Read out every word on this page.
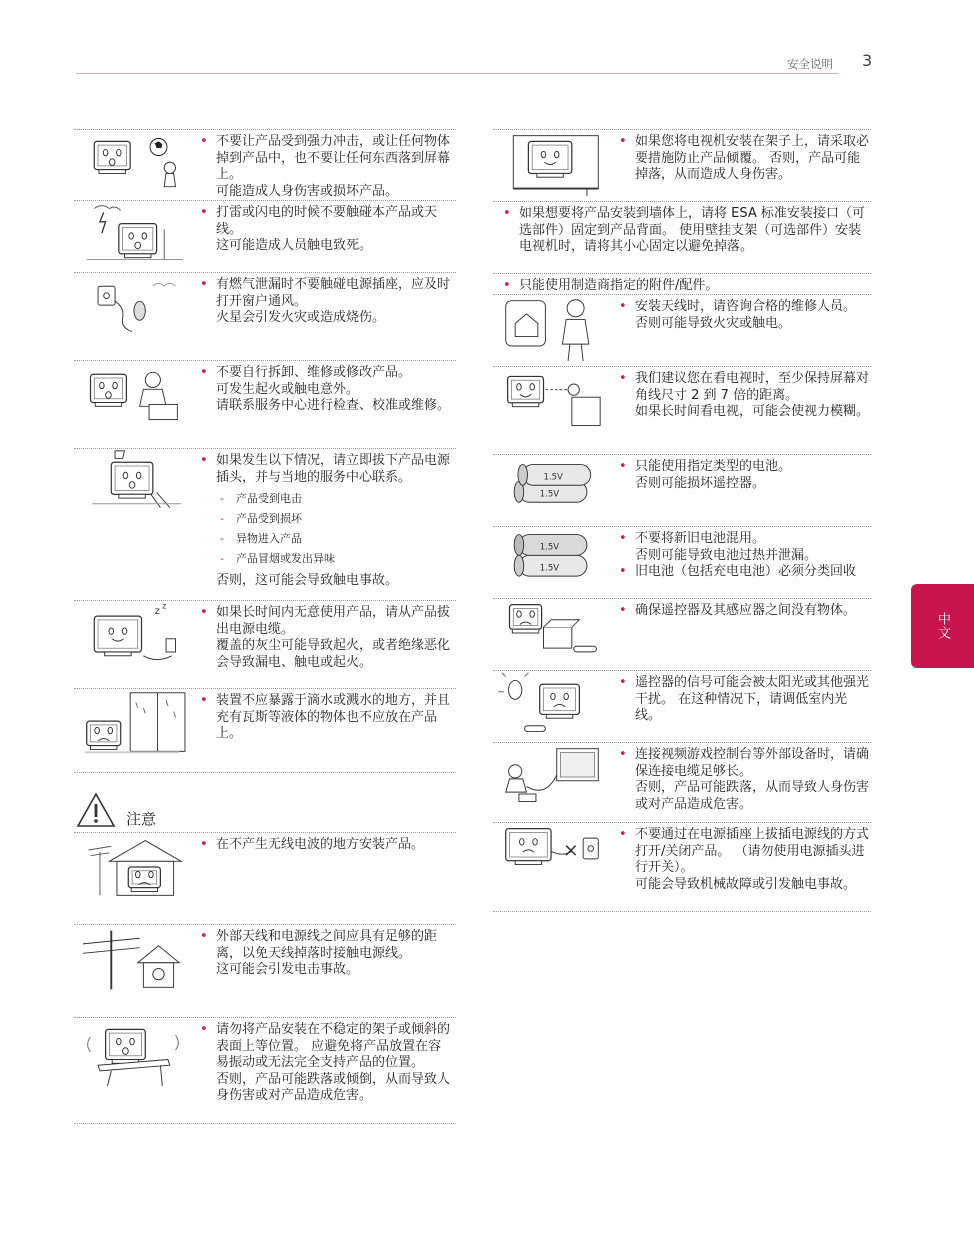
安全说明 3
中文
• 不要让产品受到强力冲击，或让任何物体掉到产品中，也不要让任何东西落到屏幕上。
可能造成人身伤害或损坏产品。
• 打雷或闪电的时候不要触碰本产品或天线。
这可能造成人员触电致死。
• 有燃气泄漏时不要触碰电源插座，应及时打开窗户通风。
火星会引发火灾或造成烧伤。
• 不要自行拆卸、维修或修改产品。
可发生起火或触电意外。
请联系服务中心进行检查、校准或维修。
• 如果发生以下情况，请立即拔下产品电源插头，并与当地的服务中心联系。
- 产品受到电击
- 产品受到损坏
- 异物进入产品
- 产品冒烟或发出异味
否则，这可能会导致触电事故。
z
z
•	如果长时间内无意使用产品，请从产品拔出电源电缆。
覆盖的灰尘可能导致起火，或者绝缘恶化会导致漏电、触电或起火。
• 装置不应暴露于滴水或溅水的地方，并且充有瓦斯等液体的物体也不应放在产品上。
注意
• 在不产生无线电波的地方安装产品。
• 外部天线和电源线之间应具有足够的距离，以免天线掉落时接触电源线。
这可能会引发电击事故。
• 请勿将产品安装在不稳定的架子或倾斜的表面上等位置。 应避免将产品放置在容易振动或无法完全支持产品的位置。
否则，产品可能跌落或倾倒，从而导致人身伤害或对产品造成危害。
• 如果您将电视机安装在架子上，请采取必要措施防止产品倾覆。 否则，产品可能掉落，从而造成人身伤害。
• 如果想要将产品安装到墙体上，请将 ESA 标准安装接口（可选部件）固定到产品背面。 使用壁挂支架（可选部件）安装电视机时，请将其小心固定以避免掉落。
• 只能使用制造商指定的附件/配件。
• 安装天线时，请咨询合格的维修人员。
否则可能导致火灾或触电。
• 我们建议您在看电视时，至少保持屏幕对角线尺寸 2 到 7 倍的距离。
如果长时间看电视，可能会使视力模糊。
1.5V
1.5V
• 只能使用指定类型的电池。
否则可能损坏遥控器。
1.5V
1.5V
• 不要将新旧电池混用。
否则可能导致电池过热并泄漏。
• 旧电池（包括充电电池）必须分类回收
• 确保遥控器及其感应器之间没有物体。
• 遥控器的信号可能会被太阳光或其他强光干扰。 在这种情况下，请调低室内光线。
• 连接视频游戏控制台等外部设备时，请确保连接电缆足够长。
否则，产品可能跌落，从而导致人身伤害或对产品造成危害。
• 不要通过在电源插座上拔插电源线的方式打开/关闭产品。 （请勿使用电源插头进行开关）。
可能会导致机械故障或引发触电事故。
